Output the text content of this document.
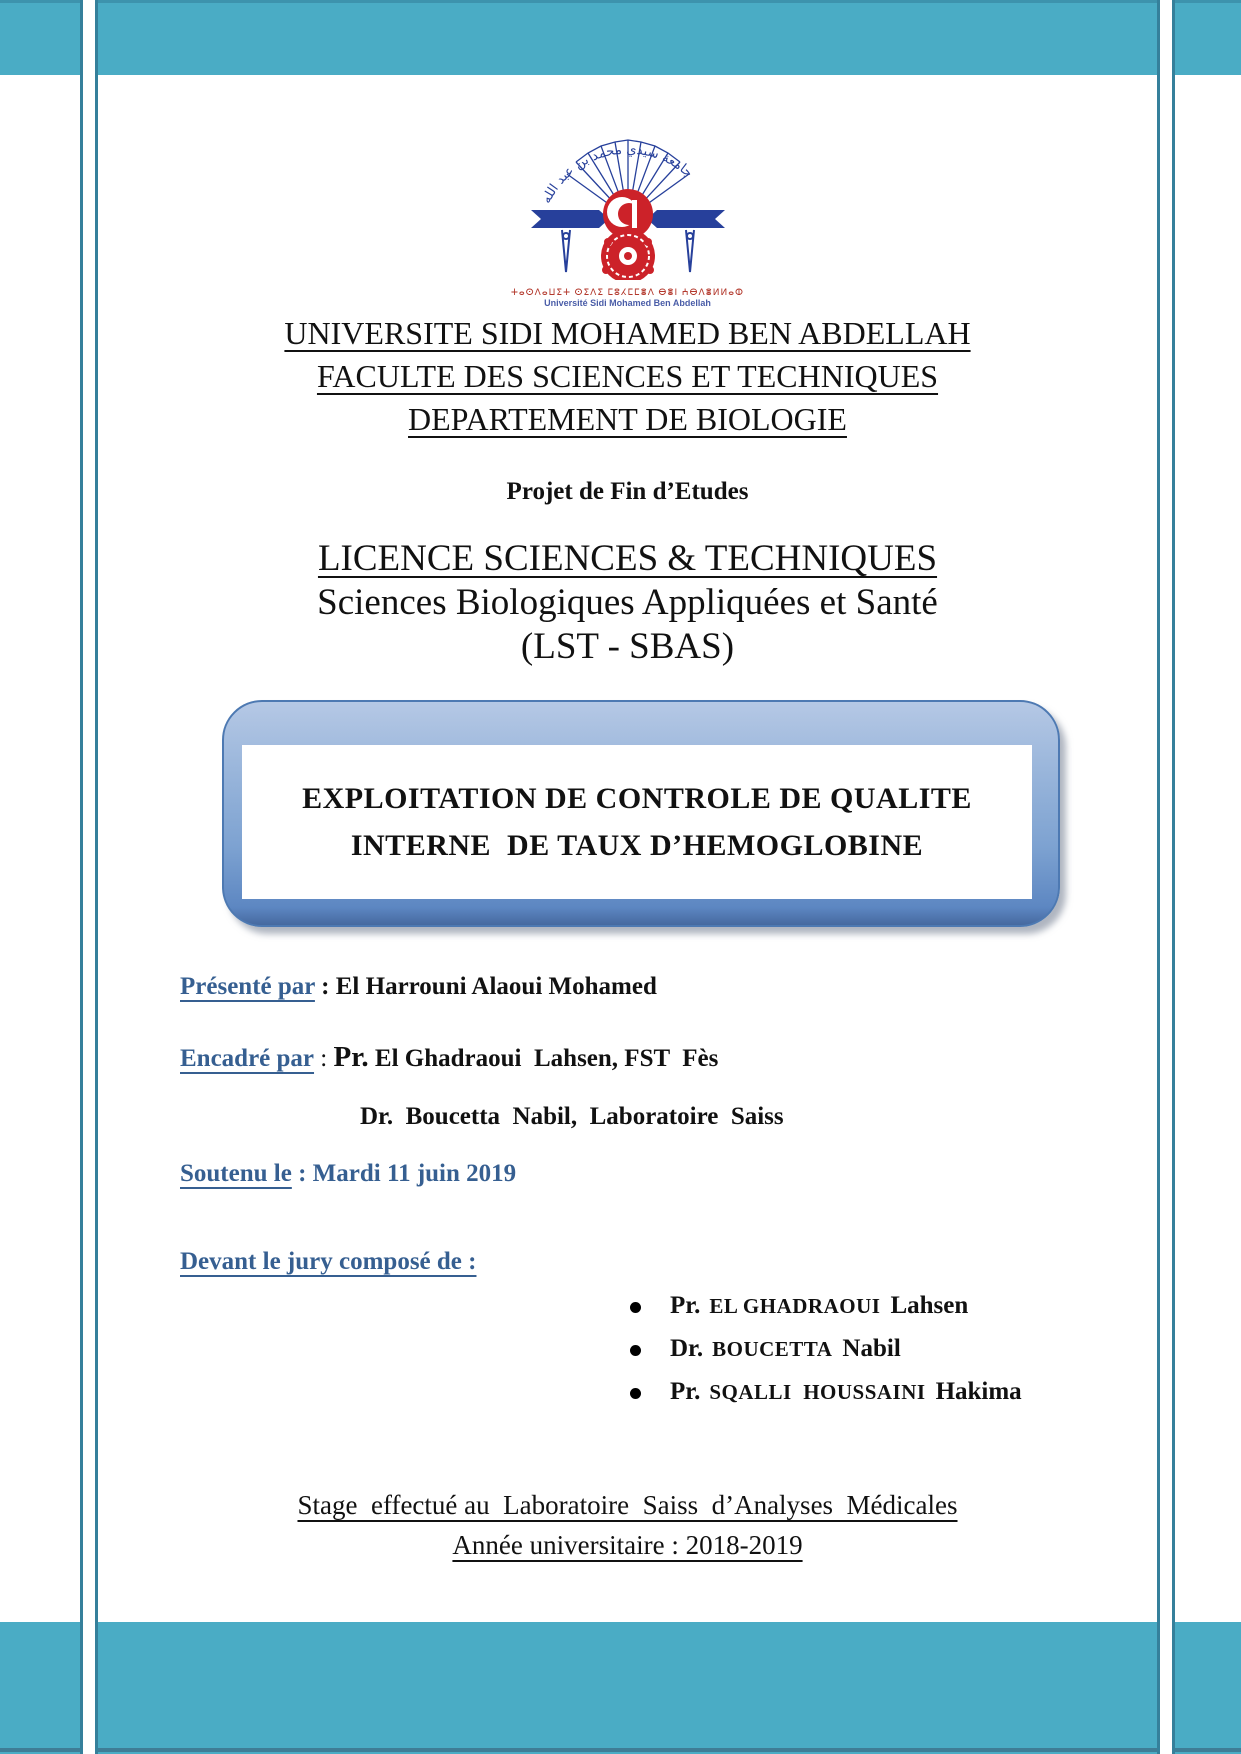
جامعة سيدي محمد بن عبد الله
ⵜⴰⵙⴷⴰⵡⵉⵜ ⵙⵉⴷⵉ ⵎⵓⵃⵎⵎⴻⴷ ⴱⴻⵏ ⵄⴱⴷⴻⵍⵍⴰⵀ
Université Sidi Mohamed Ben Abdellah
UNIVERSITE SIDI MOHAMED BEN ABDELLAH
FACULTE DES SCIENCES ET TECHNIQUES
DEPARTEMENT DE BIOLOGIE
Projet de Fin d’Etudes
LICENCE SCIENCES & TECHNIQUES
Sciences Biologiques Appliquées et Santé
(LST - SBAS)
EXPLOITATION DE CONTROLE DE QUALITE
INTERNE  DE TAUX D’HEMOGLOBINE
Présenté par : El Harrouni Alaoui Mohamed
Encadré par : Pr. El Ghadraoui  Lahsen, FST  Fès
Dr.  Boucetta  Nabil,  Laboratoire  Saiss
Soutenu le : Mardi 11 juin 2019
Devant le jury composé de :
Pr. EL GHADRAOUI Lahsen
Dr. BOUCETTA Nabil
Pr. SQALLI  HOUSSAINI Hakima
Stage  effectué au  Laboratoire  Saiss  d’Analyses  Médicales
Année universitaire : 2018-2019
